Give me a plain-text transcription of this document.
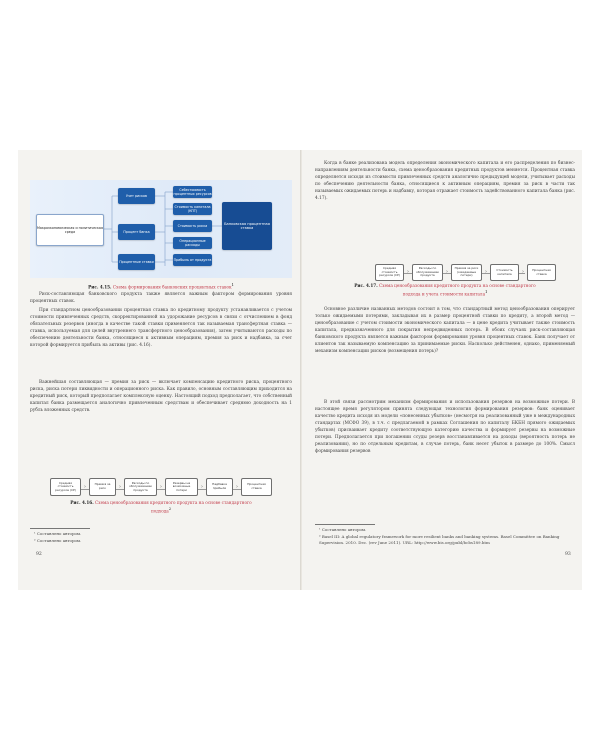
Макроэкономическая и политическая среда
Учет рисков
Процент банка
Процентные ставки
Себестоимость процентных ресурсов
Стоимость капитала (КПТ)
Стоимость риска
Операционные расходы
Прибыль от продукта
Банковская процентная ставка

Рис. 4.15. Схема формирования банковских процентных ставок$^1$

Риск-составляющая банковского продукта также является важным фактором формирования уровня процентных ставок.

При стандартном ценообразовании процентная ставка по кредитному продукту устанавливается с учетом стоимости привлеченных средств, скорректированной на удорожание ресурсов в связи с отчислением в фонд обязательных резервов (иногда в качестве такой ставки применяется так называемая трансфертная ставка — ставка, используемая для целей внутреннего трансфертного ценообразования), затем учитываются расходы по обеспечению деятельности банка, относящиеся к активным операциям, премия за риск и надбавка, за счет которой формируется прибыль на активы (рис. 4.16).

Важнейшая составляющая — премия за риск — включает компенсацию кредитного риска, процентного риска, риска потери ликвидности и операционного риска. Как правило, основным составляющим приходится на кредитный риск, который предполагает комплексную оценку. Настоящий подход предполагает, что собственный капитал банка размещается аналогично привлеченным средствам и обеспечивает среднюю доходность на 1 рубль вложенных средств.

Средняя стоимость ресурсов (СР)
›	Премия за риск	›
Расходы по обслуживанию продукта
›
Резервы на возможные потери
›	Надбавка прибыли	›	Процентная ставка

Рис. 4.16. Схема ценообразования кредитного продукта на основе стандартного подхода$^2$

¹ Составлено автором.

² Составлено автором.

92

Когда в банке реализована модель определения экономического капитала и его распределения по бизнес-направлениям деятельности банка, схема ценообразования кредитных продуктов меняется. Процентная ставка определяется исходя из стоимости привлеченных средств аналогично предыдущей модели, учитывает расходы по обеспечению деятельности банка, относящиеся к активным операциям, премия за риск в части так называемых ожидаемых потерь и надбавку, которая отражает стоимость задействованного капитала банка (рис. 4.17).

Средняя стоимость ресурсов (СР)
›
Расходы по обслуживанию продукта
›
Премия за риск (ожидаемые потери)
›	Стоимость капитала	›	Процентная ставка

Рис. 4.17. Схема ценообразования кредитного продукта на основе стандартного подхода и учета стоимости капитала$^1$

Основное различие названных методов состоит в том, что стандартный метод ценообразования оперирует только ожидаемыми потерями, закладывая их в размер процентной ставки по кредиту, а второй метод — ценообразование с учетом стоимости экономического капитала — в цене кредита учитывает также стоимость капитала, предназначенного для покрытия непредвиденных потерь. В обоих случаях риск-составляющая банковского продукта является важным фактором формирования уровня процентных ставок. Банк получает от клиентов так называемую компенсацию за принимаемые риски. Насколько действенен, однако, применяемый механизм компенсации рисков (возмещения потерь)?

В этой связи рассмотрим механизм формирования и использования резервов на возможные потери. В настоящее время регулятором принята следующая технология формирования резервов: банк оценивает качество кредита исходя из модели «понесенных убытков» (несмотря на реализованный уже в международных стандартах (МСФО 39), в т.ч. с предлагаемой в рамках Соглашения по капиталу БКБН прямого ожидаемых убытков) присваивает кредиту соответствующую категорию качества и формирует резервы на возможные потери. Предполагается при погашении ссуды резерв восстанавливается на доходы (вероятность потерь не реализовании), но по отдельным кредитам, в случае потерь, банк несет убыток в размере до 100%. Смысл формирования резервов

¹ Составлено автором.

² Basel III: A global regulatory framework for more resilient banks and banking systems. Basel Committee on Banking Supervision. 2010. Dec. (rev June 2011). URL: http://www.bis.org/publ/bcbs189.htm

93
